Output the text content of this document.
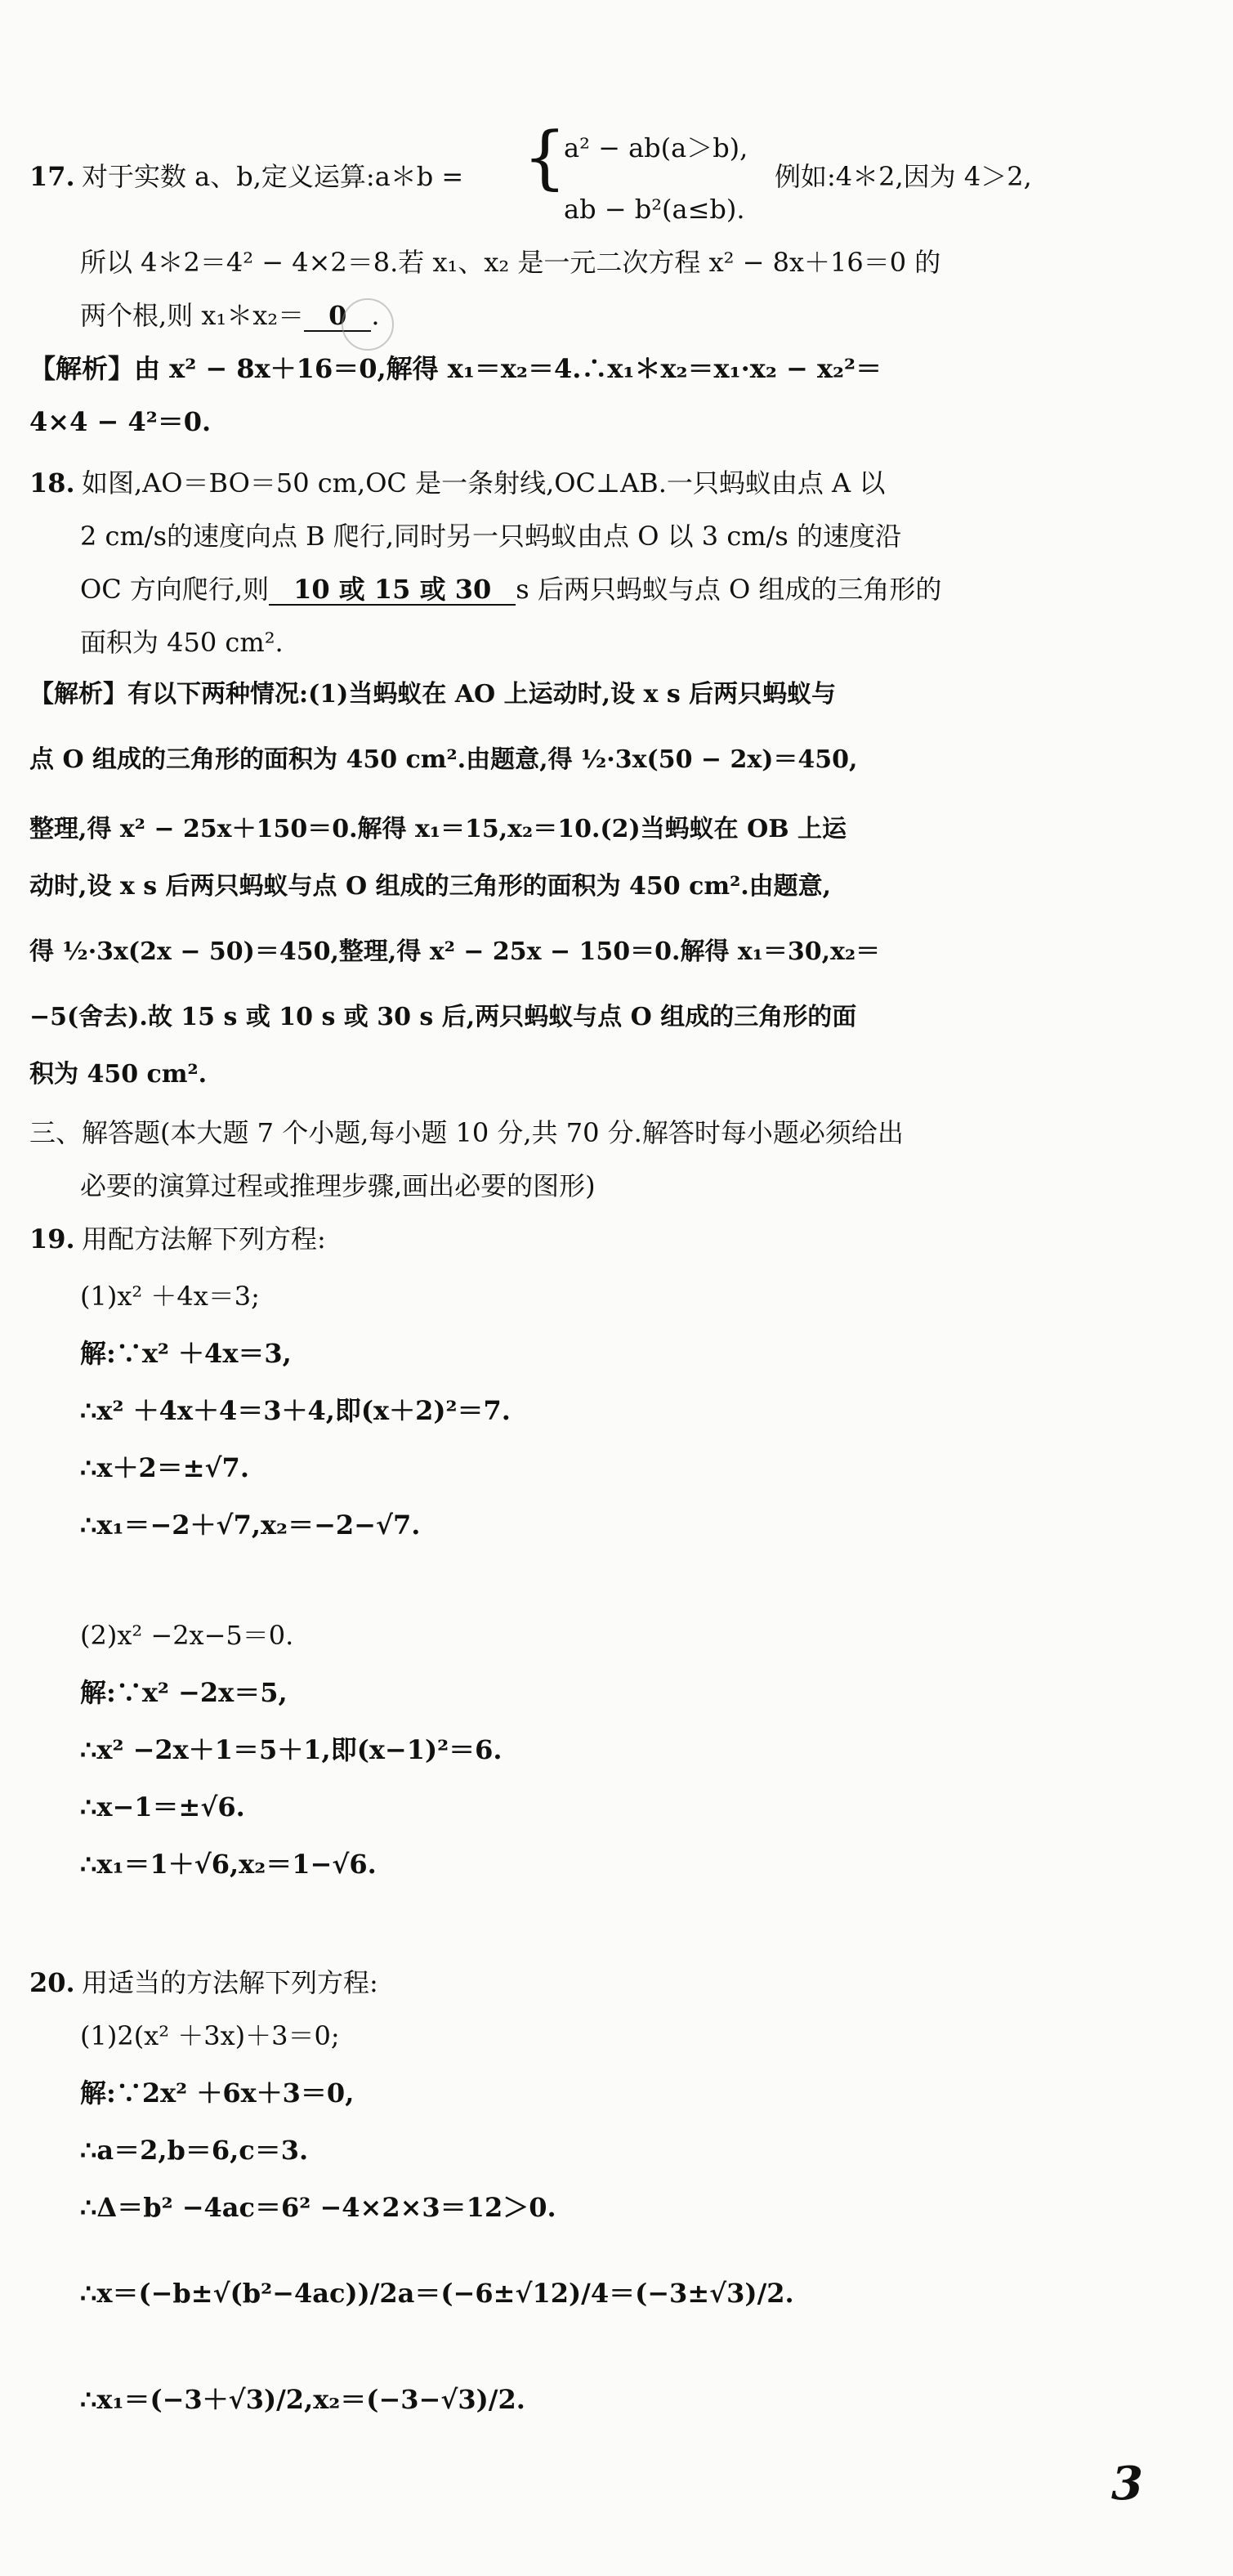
17. 对于实数 a、b,定义运算:a＊b = {
a² − ab(a＞b),
ab − b²(a≤b).
例如:4＊2,因为 4＞2,
所以 4＊2＝4² − 4×2＝8.若 x₁、x₂ 是一元二次方程 x² − 8x＋16＝0 的
两个根,则 x₁＊x₂＝ 0 .
【解析】由 x² − 8x＋16＝0,解得 x₁＝x₂＝4.∴x₁＊x₂＝x₁·x₂ − x₂²＝
4×4 − 4²＝0.
18. 如图,AO＝BO＝50 cm,OC 是一条射线,OC⊥AB.一只蚂蚁由点 A 以
2 cm/s的速度向点 B 爬行,同时另一只蚂蚁由点 O 以 3 cm/s 的速度沿
OC 方向爬行,则 10 或 15 或 30 s 后两只蚂蚁与点 O 组成的三角形的
面积为 450 cm².
【解析】有以下两种情况:(1)当蚂蚁在 AO 上运动时,设 x s 后两只蚂蚁与
点 O 组成的三角形的面积为 450 cm².由题意,得 ½·3x(50 − 2x)＝450,
整理,得 x² − 25x＋150＝0.解得 x₁＝15,x₂＝10.(2)当蚂蚁在 OB 上运
动时,设 x s 后两只蚂蚁与点 O 组成的三角形的面积为 450 cm².由题意,
得 ½·3x(2x − 50)＝450,整理,得 x² − 25x − 150＝0.解得 x₁＝30,x₂＝
−5(舍去).故 15 s 或 10 s 或 30 s 后,两只蚂蚁与点 O 组成的三角形的面
积为 450 cm².
三、解答题(本大题 7 个小题,每小题 10 分,共 70 分.解答时每小题必须给出
必要的演算过程或推理步骤,画出必要的图形)
19. 用配方法解下列方程:
(1)x² ＋4x＝3;
解:∵x² ＋4x＝3,
∴x² ＋4x＋4＝3＋4,即(x＋2)²＝7.
∴x＋2＝±√7.
∴x₁＝−2＋√7,x₂＝−2−√7.
(2)x² −2x−5＝0.
解:∵x² −2x＝5,
∴x² −2x＋1＝5＋1,即(x−1)²＝6.
∴x−1＝±√6.
∴x₁＝1＋√6,x₂＝1−√6.
20. 用适当的方法解下列方程:
(1)2(x² ＋3x)＋3＝0;
解:∵2x² ＋6x＋3＝0,
∴a＝2,b＝6,c＝3.
∴Δ＝b² −4ac＝6² −4×2×3＝12＞0.
∴x＝(−b±√(b²−4ac))/2a＝(−6±√12)/4＝(−3±√3)/2.
∴x₁＝(−3＋√3)/2,x₂＝(−3−√3)/2.
3
